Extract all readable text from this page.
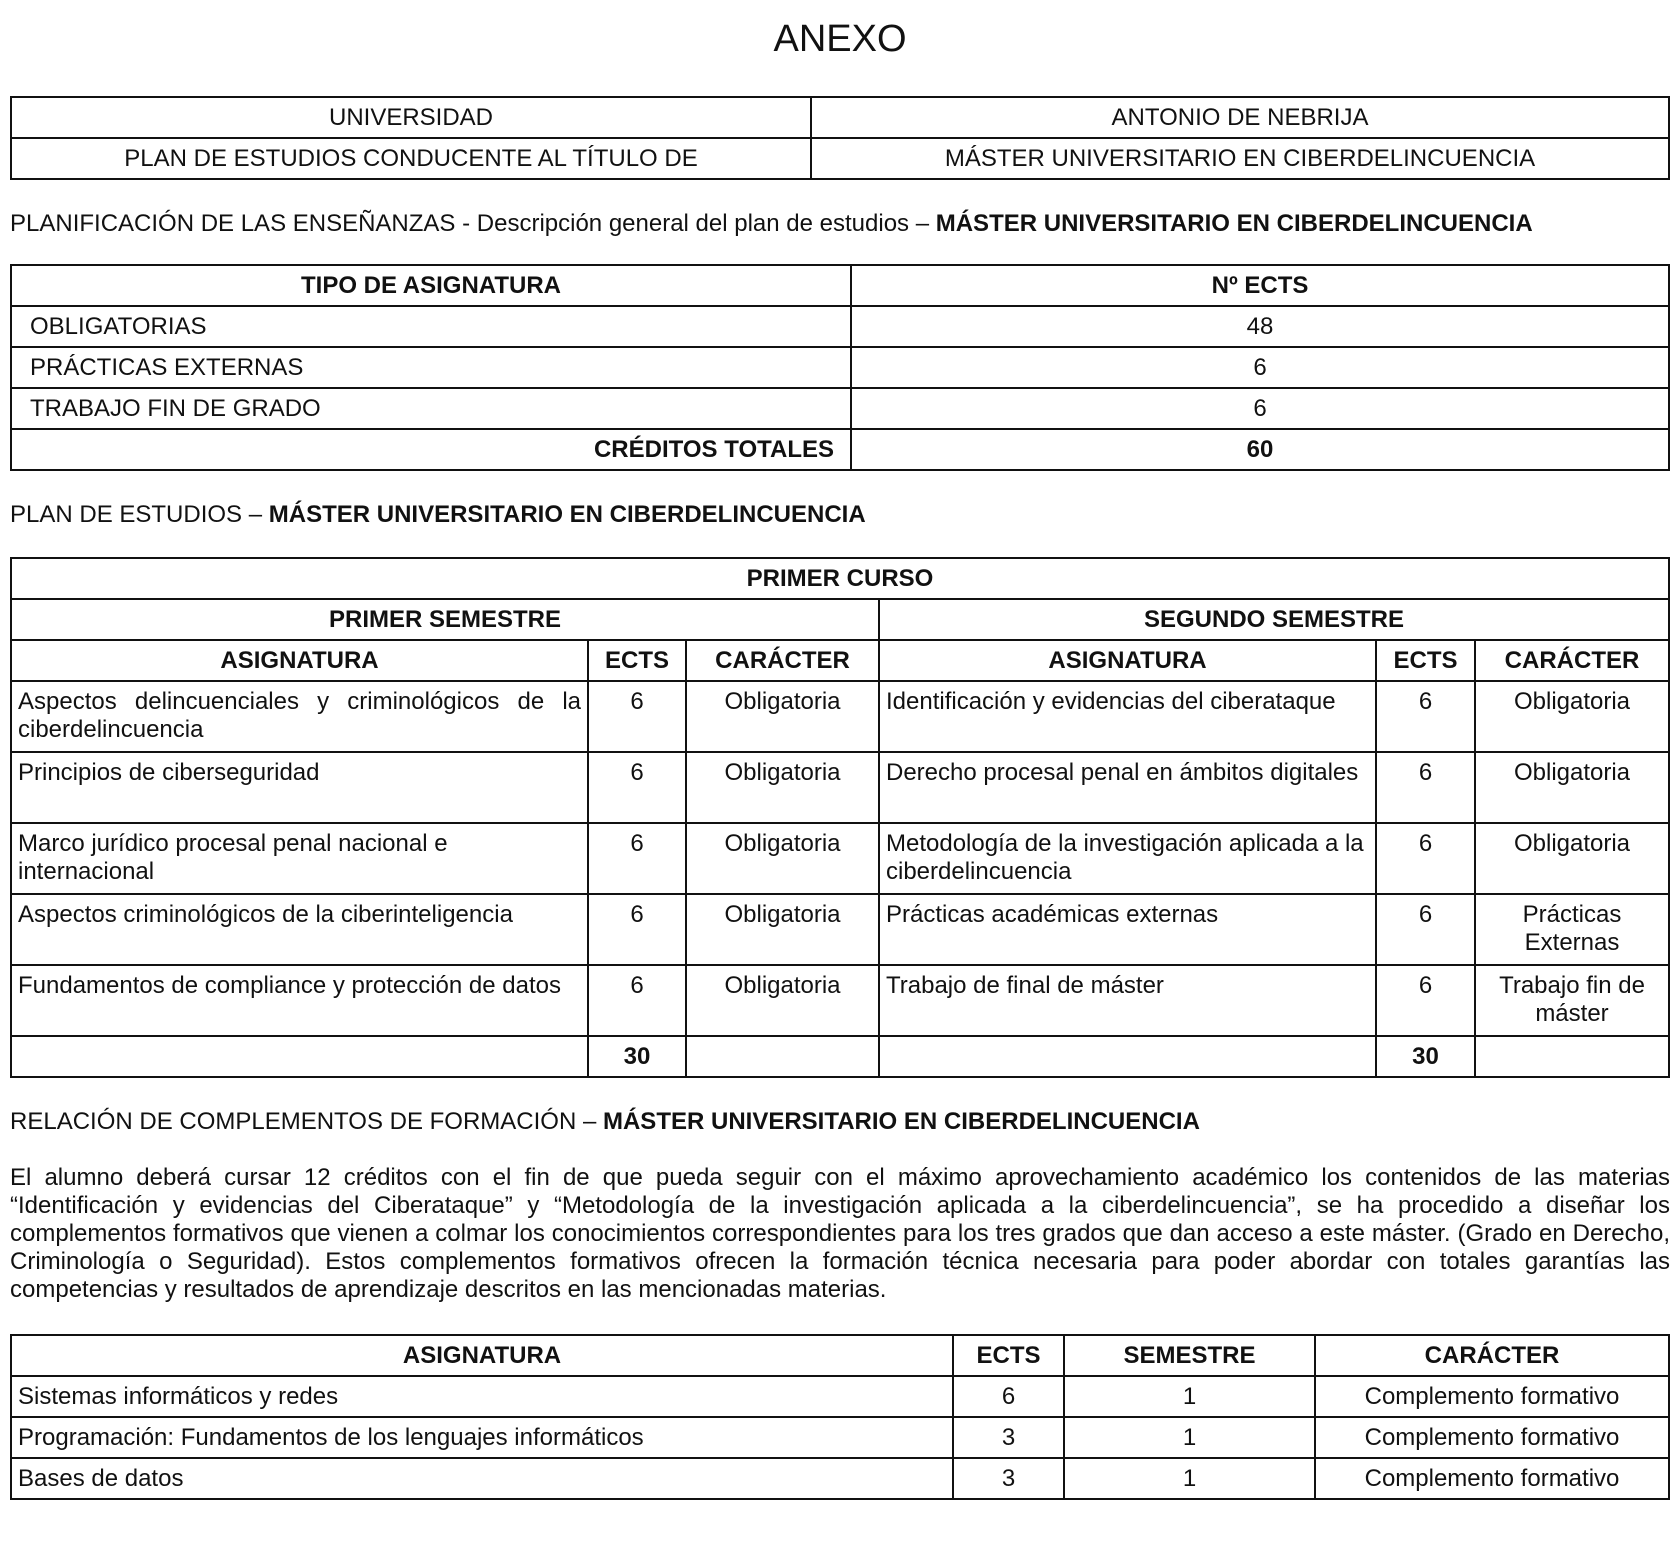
ANEXO
UNIVERSIDAD	ANTONIO DE NEBRIJA
PLAN DE ESTUDIOS CONDUCENTE AL TÍTULO DE	MÁSTER UNIVERSITARIO EN CIBERDELINCUENCIA

PLANIFICACIÓN DE LAS ENSEÑANZAS - Descripción general del plan de estudios – MÁSTER UNIVERSITARIO EN CIBERDELINCUENCIA

TIPO DE ASIGNATURA	Nº ECTS
OBLIGATORIAS	48
PRÁCTICAS EXTERNAS	6
TRABAJO FIN DE GRADO	6
CRÉDITOS TOTALES	60

PLAN DE ESTUDIOS – MÁSTER UNIVERSITARIO EN CIBERDELINCUENCIA

PRIMER CURSO					
PRIMER SEMESTRE			SEGUNDO SEMESTRE		
ASIGNATURA	ECTS	CARÁCTER	ASIGNATURA	ECTS	CARÁCTER
Aspectos delincuenciales y criminológicos de la ciberdelincuencia	6	Obligatoria	Identificación y evidencias del ciberataque	6	Obligatoria
Principios de ciberseguridad	6	Obligatoria	Derecho procesal penal en ámbitos digitales	6	Obligatoria
Marco jurídico procesal penal nacional e internacional	6	Obligatoria	Metodología de la investigación aplicada a la ciberdelincuencia	6	Obligatoria
Aspectos criminológicos de la ciberinteligencia	6	Obligatoria	Prácticas académicas externas	6	Prácticas Externas
Fundamentos de compliance y protección de datos	6	Obligatoria	Trabajo de final de máster	6	Trabajo fin de máster
	30			30	

RELACIÓN DE COMPLEMENTOS DE FORMACIÓN – MÁSTER UNIVERSITARIO EN CIBERDELINCUENCIA

El alumno deberá cursar 12 créditos con el fin de que pueda seguir con el máximo aprovechamiento académico los contenidos de las materias “Identificación y evidencias del Ciberataque” y “Metodología de la investigación aplicada a la ciberdelincuencia”, se ha procedido a diseñar los complementos formativos que vienen a colmar los conocimientos correspondientes para los tres grados que dan acceso a este máster. (Grado en Derecho, Criminología o Seguridad). Estos complementos formativos ofrecen la formación técnica necesaria para poder abordar con totales garantías las competencias y resultados de aprendizaje descritos en las mencionadas materias.

ASIGNATURA	ECTS	SEMESTRE	CARÁCTER
Sistemas informáticos y redes	6	1	Complemento formativo
Programación: Fundamentos de los lenguajes informáticos	3	1	Complemento formativo
Bases de datos	3	1	Complemento formativo
